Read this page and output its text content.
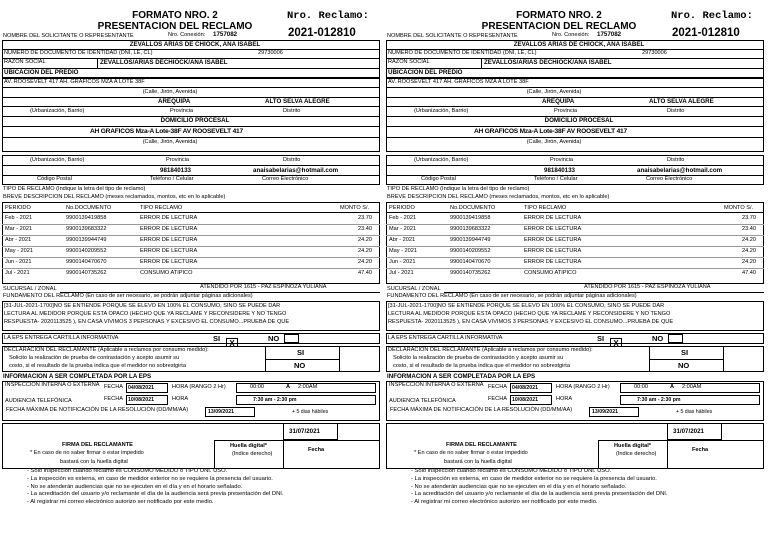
FORMATO NRO. 2
PRESENTACION DEL RECLAMO
Nro. Reclamo:
2021-012810
NOMBRE DEL SOLICITANTE O REPRESENTANTE	Nro. Conexión: 1757082
ZEVALLOS ARIAS DE CHIOCK, ANA ISABEL
NUMERO DE DOCUMENTO DE IDENTIDAD (DNI, LE, CL)	29730006
RAZON SOCIAL	ZEVALLOS/ARIAS DECHIOCK/ANA ISABEL
UBICACION DEL PREDIO
AV. ROOSEVELT 417 AH. GRAFICOS MZA A LOTE 38F
(Calle, Jirón, Avenida)
AREQUIPA	ALTO SELVA ALEGRE
(Urbanización, Barrio)	Provincia	Distrito
DOMICILIO PROCESAL
AH GRAFICOS Mza-A Lote-38F AV ROOSEVELT 417
(Calle, Jirón, Avenida)
(Urbanización, Barrio)	Provincia	Distrito
981840133	anaisabelarias@hotmail.com
Código Postal	Teléfono / Celular	Correo Electrónico
TIPO DE RECLAMO (Indique la letra del tipo de reclamo)
BREVE DESCRIPCION DEL RECLAMO (meses reclamados, montos, etc en lo aplicable)
PERIODO	No.DOCUMENTO	TIPO RECLAMO	MONTO S/.
Feb - 2021	9900139419858	ERROR DE LECTURA	23.70
Mar - 2021	9900139683322	ERROR DE LECTURA	23.40
Abr - 2021	9900139944749	ERROR DE LECTURA	24.20
May - 2021	9900140209552	ERROR DE LECTURA	24.20
Jun - 2021	9900140470670	ERROR DE LECTURA	24.20
Jul - 2021	9900140735262	CONSUMO ATIPICO	47.40
SUCURSAL / ZONAL	ATENDIDO POR 1615 - PAZ ESPINOZA YULIANA
FUNDAMENTO DEL RECLAMO (En caso de ser necesario, se podrán adjuntar páginas adicionales)
[31-JUL-2021-1700]NO SE ENTIENDE PORQUE SE ELEVO EN 100% EL CONSUMO, SINO SE PUEDE DAR
LECTURA AL MEDIDOR PORQUE ESTA OPACO (HECHO QUE YA RECLAME Y RECONSIDERE Y NO TENGO
RESPUESTA- 2020113525 ), EN CASA VIVIMOS 3 PERSONAS Y EXCESIVO EL CONSUMO...PRUEBA DE QUE
LA EPS ENTREGA CARTILLA INFORMATIVA	SI
X
NO
DECLARACION DEL RECLAMANTE (Aplicable a reclamos por consumo medido):
Solicito la realización de prueba de contrastación y acepto asumir su
costo, si el resultado de la prueba indica que el medidor no sobrestgirta
SI
NO
INFORMACION A SER COMPLETADA POR LA EPS
INSPECCIÓN INTERNA O EXTERNA FECHA 04/08/2021	HORA (RANGO 2 Hr)	00:00	A 2:00AM
AUDIENCIA TELEFÓNICA	FECHA 10/08/2021	HORA	7:30 am - 2:30 pm
FECHA MÁXIMA DE NOTIFICACIÓN DE LA RESOLUCIÓN (DD/MM/AA)	13/09/2021	+ 5 dias hábiles
31/07/2021
FIRMA DEL RECLAMANTE
* En caso de no saber firmar o estar impedido
bastará con la huella digital
Huella digital*
(Indice derecho)
Fecha
- Solo inspección cuando reclamo es CONSUMO MEDIDO o TIPO UNI. USO.
- La inspección es externa, en caso de medidor exterior no se requiere la presencia del usuario.
- No se atenderán audiencias que no se ejecuten en el día y en el horario señalado.
- La acreditación del usuario y/o reclamante el día de la audiencia será previa presentación del DNI.
- Al registrar mi correo electrónico autorizo ser notificado por este medio.
FORMATO NRO. 2
PRESENTACION DEL RECLAMO
Nro. Reclamo:
2021-012810
NOMBRE DEL SOLICITANTE O REPRESENTANTE	Nro. Conexión: 1757082
ZEVALLOS ARIAS DE CHIOCK, ANA ISABEL
NUMERO DE DOCUMENTO DE IDENTIDAD (DNI, LE, CL)	29730006
RAZON SOCIAL	ZEVALLOS/ARIAS DECHIOCK/ANA ISABEL
UBICACION DEL PREDIO
AV. ROOSEVELT 417 AH. GRAFICOS MZA A LOTE 38F
(Calle, Jirón, Avenida)
AREQUIPA	ALTO SELVA ALEGRE
(Urbanización, Barrio)	Provincia	Distrito
DOMICILIO PROCESAL
AH GRAFICOS Mza-A Lote-38F AV ROOSEVELT 417
(Calle, Jirón, Avenida)
(Urbanización, Barrio)	Provincia	Distrito
981840133	anaisabelarias@hotmail.com
Código Postal	Teléfono / Celular	Correo Electrónico
TIPO DE RECLAMO (Indique la letra del tipo de reclamo)
BREVE DESCRIPCION DEL RECLAMO (meses reclamados, montos, etc en lo aplicable)
PERIODO	No.DOCUMENTO	TIPO RECLAMO	MONTO S/.
Feb - 2021	9900139419858	ERROR DE LECTURA	23.70
Mar - 2021	9900139683322	ERROR DE LECTURA	23.40
Abr - 2021	9900139944749	ERROR DE LECTURA	24.20
May - 2021	9900140209552	ERROR DE LECTURA	24.20
Jun - 2021	9900140470670	ERROR DE LECTURA	24.20
Jul - 2021	9900140735262	CONSUMO ATIPICO	47.40
SUCURSAL / ZONAL	ATENDIDO POR 1615 - PAZ ESPINOZA YULIANA
FUNDAMENTO DEL RECLAMO (En caso de ser necesario, se podrán adjuntar páginas adicionales)
[31-JUL-2021-1700]NO SE ENTIENDE PORQUE SE ELEVO EN 100% EL CONSUMO, SINO SE PUEDE DAR
LECTURA AL MEDIDOR PORQUE ESTA OPACO (HECHO QUE YA RECLAME Y RECONSIDERE Y NO TENGO
RESPUESTA- 2020113525 ), EN CASA VIVIMOS 3 PERSONAS Y EXCESIVO EL CONSUMO...PRUEBA DE QUE
LA EPS ENTREGA CARTILLA INFORMATIVA	SI
X
NO
DECLARACION DEL RECLAMANTE (Aplicable a reclamos por consumo medido):
Solicito la realización de prueba de contrastación y acepto asumir su
costo, si el resultado de la prueba indica que el medidor no sobrestgirta
SI
NO
INFORMACION A SER COMPLETADA POR LA EPS
INSPECCIÓN INTERNA O EXTERNA FECHA 04/08/2021	HORA (RANGO 2 Hr)	00:00	A 2:00AM
AUDIENCIA TELEFÓNICA	FECHA 10/08/2021	HORA	7:30 am - 2:30 pm
FECHA MÁXIMA DE NOTIFICACIÓN DE LA RESOLUCIÓN (DD/MM/AA)	13/09/2021	+ 5 dias hábiles
31/07/2021
FIRMA DEL RECLAMANTE
* En caso de no saber firmar o estar impedido
bastará con la huella digital
Huella digital*
(Indice derecho)
Fecha
- Solo inspección cuando reclamo es CONSUMO MEDIDO o TIPO UNI. USO.
- La inspección es externa, en caso de medidor exterior no se requiere la presencia del usuario.
- No se atenderán audiencias que no se ejecuten en el día y en el horario señalado.
- La acreditación del usuario y/o reclamante el día de la audiencia será previa presentación del DNI.
- Al registrar mi correo electrónico autorizo ser notificado por este medio.
